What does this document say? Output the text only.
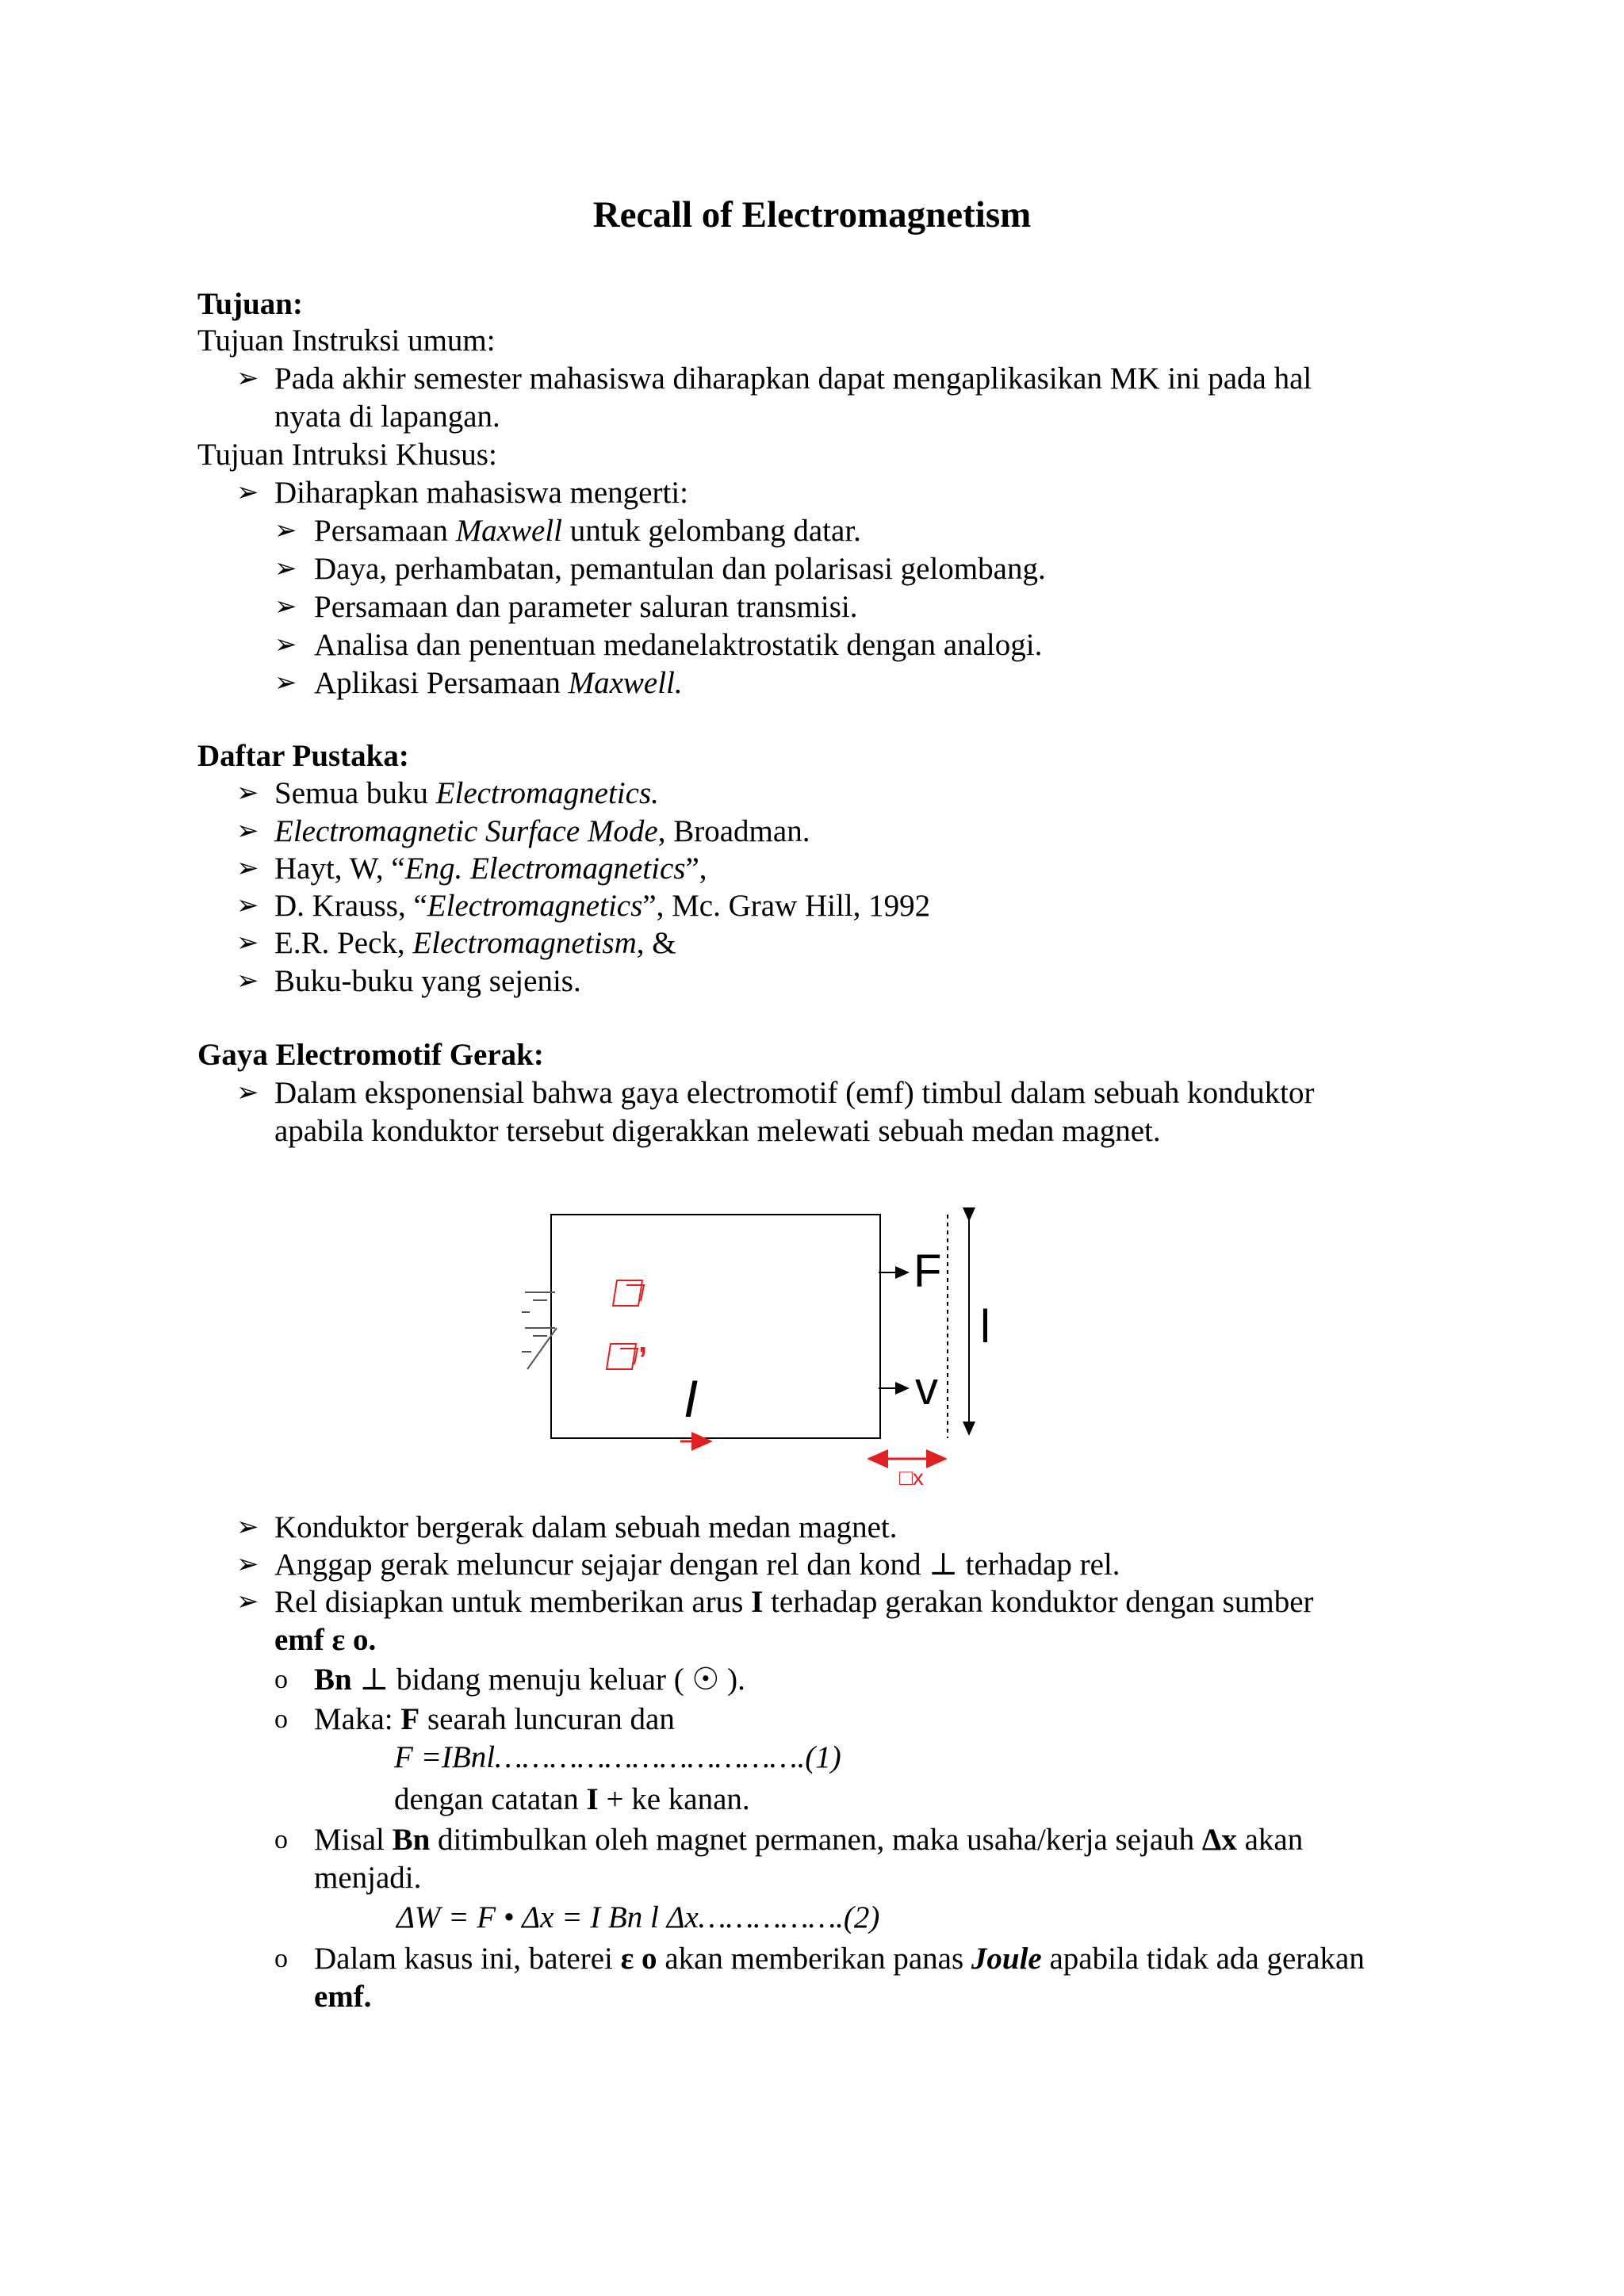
Recall of Electromagnetism
Tujuan:
Tujuan Instruksi umum:
➢ Pada akhir semester mahasiswa diharapkan dapat mengaplikasikan MK ini pada hal
nyata di lapangan.
Tujuan Intruksi Khusus:
➢ Diharapkan mahasiswa mengerti:
➢ Persamaan Maxwell untuk gelombang datar.
➢ Daya, perhambatan, pemantulan dan polarisasi gelombang.
➢ Persamaan dan parameter saluran transmisi.
➢ Analisa dan penentuan medanelaktrostatik dengan analogi.
➢ Aplikasi Persamaan Maxwell.
Daftar Pustaka:
➢ Semua buku Electromagnetics.
➢ Electromagnetic Surface Mode, Broadman.
➢ Hayt, W, “Eng. Electromagnetics”,
➢ D. Krauss, “Electromagnetics”, Mc. Graw Hill, 1992
➢ E.R. Peck, Electromagnetism, &
➢ Buku-buku yang sejenis.
Gaya Electromotif Gerak:
➢ Dalam eksponensial bahwa gaya electromotif (emf) timbul dalam sebuah konduktor
apabila konduktor tersebut digerakkan melewati sebuah medan magnet.
l
F
v
,
I
□x
➢ Konduktor bergerak dalam sebuah medan magnet.
➢ Anggap gerak meluncur sejajar dengan rel dan kond ⊥ terhadap rel.
➢ Rel disiapkan untuk memberikan arus I terhadap gerakan konduktor dengan sumber
emf ε o.
o Bn ⊥ bidang menuju keluar ( ☉ ).
o Maka: F searah luncuran dan
F =IBnl…………………………….(1)
dengan catatan I + ke kanan.
o Misal Bn ditimbulkan oleh magnet permanen, maka usaha/kerja sejauh Δx akan
menjadi.
ΔW = F • Δx = I Bn l Δx…………….(2)
o Dalam kasus ini, baterei ε o akan memberikan panas Joule apabila tidak ada gerakan
emf.
